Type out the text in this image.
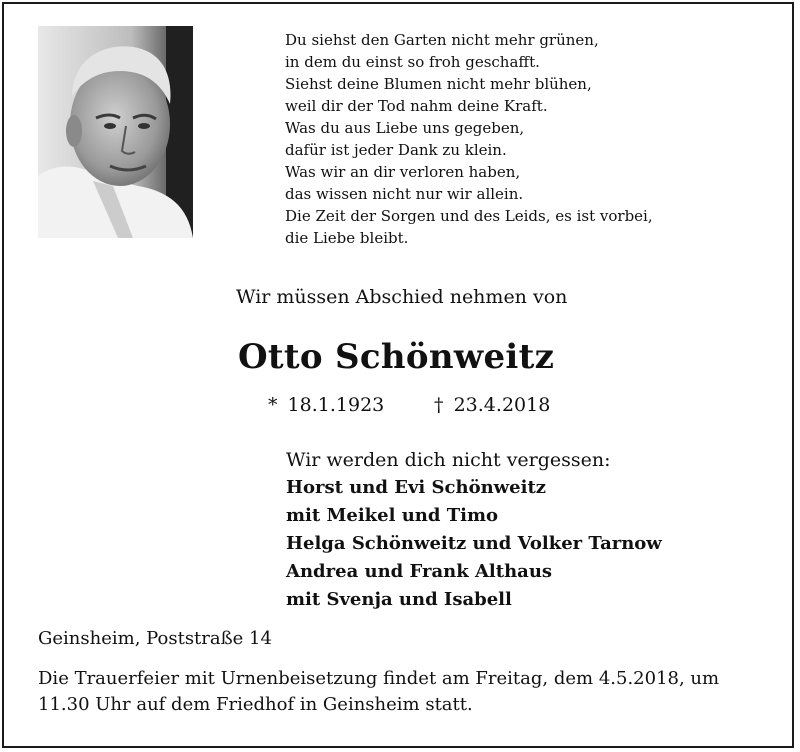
Du siehst den Garten nicht mehr grünen,
in dem du einst so froh geschafft.
Siehst deine Blumen nicht mehr blühen,
weil dir der Tod nahm deine Kraft.
Was du aus Liebe uns gegeben,
dafür ist jeder Dank zu klein.
Was wir an dir verloren haben,
das wissen nicht nur wir allein.
Die Zeit der Sorgen und des Leids, es ist vorbei,
die Liebe bleibt.
Wir müssen Abschied nehmen von
Otto Schönweitz
* 18.1.1923	† 23.4.2018
Wir werden dich nicht vergessen:
Horst und Evi Schönweitz
mit Meikel und Timo
Helga Schönweitz und Volker Tarnow
Andrea und Frank Althaus
mit Svenja und Isabell
Geinsheim, Poststraße 14
Die Trauerfeier mit Urnenbeisetzung findet am Freitag, dem 4.5.2018, um 11.30 Uhr auf dem Friedhof in Geinsheim statt.
